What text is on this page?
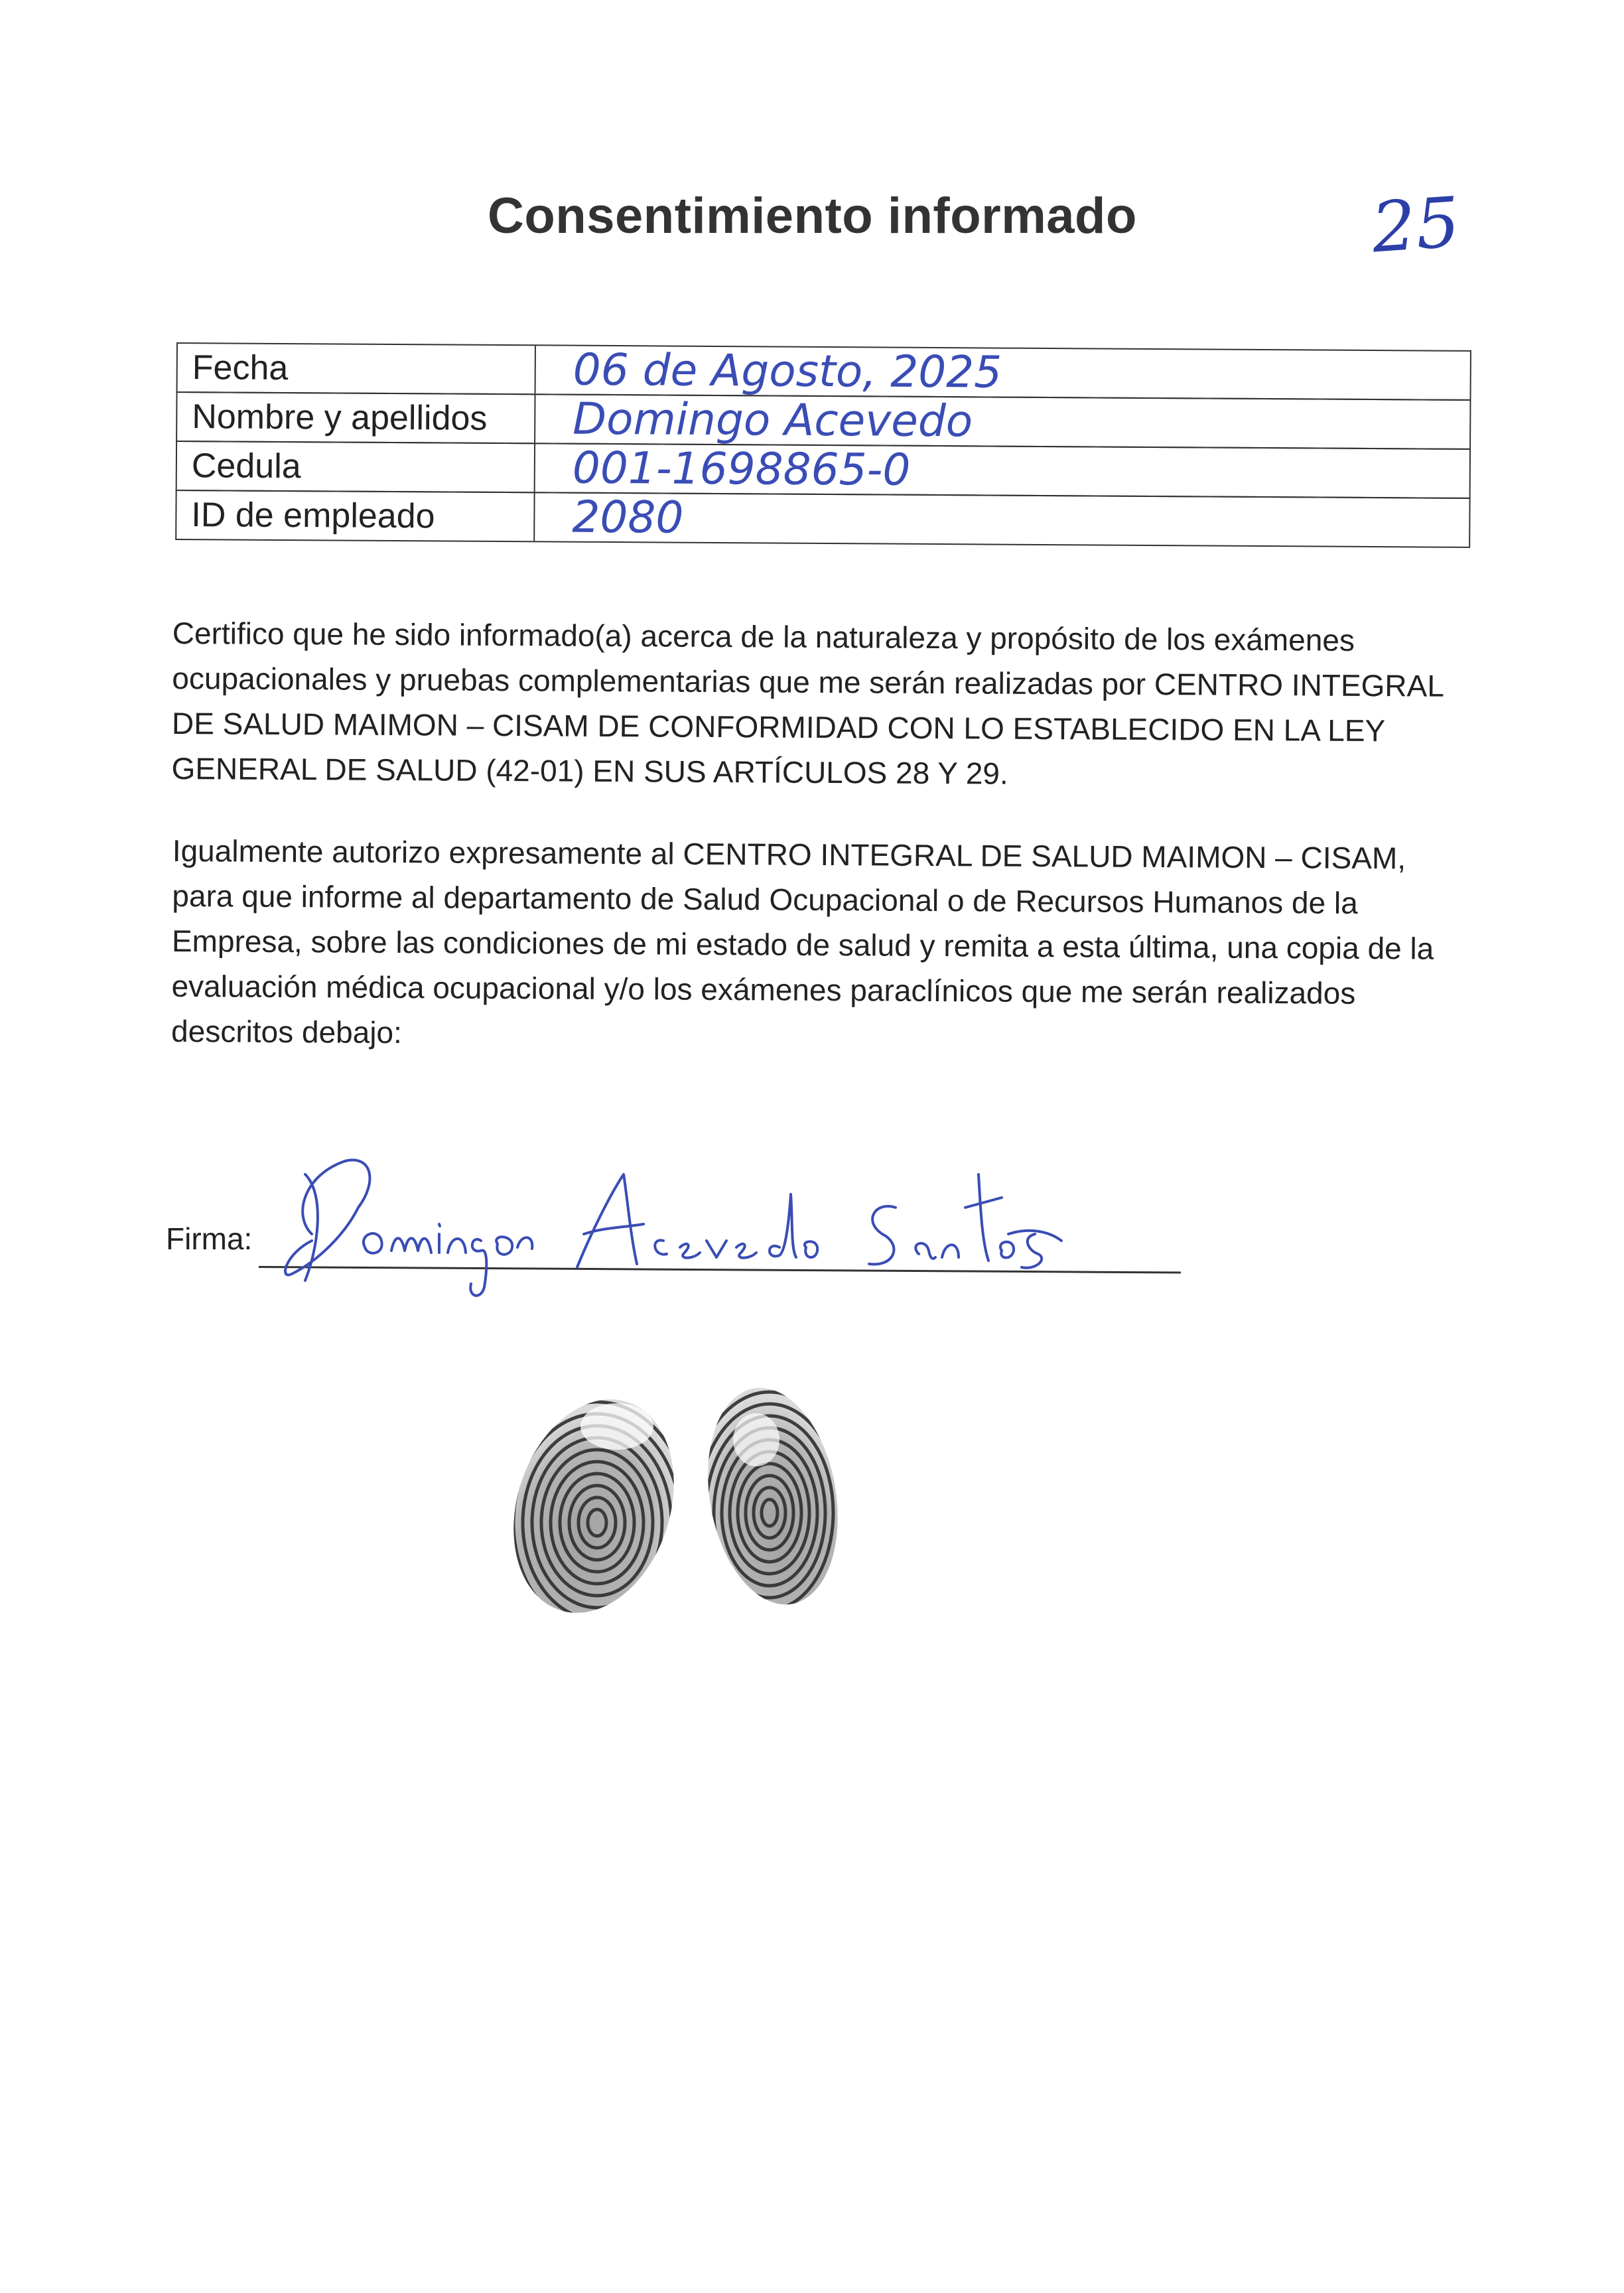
Consentimiento informado	25
Fecha	06 de Agosto, 2025
Nombre y apellidos	Domingo Acevedo
Cedula	001-1698865-0
ID de empleado	2080
Certifico que he sido informado(a) acerca de la naturaleza y propósito de los exámenes ocupacionales y pruebas complementarias que me serán realizadas por CENTRO INTEGRAL DE SALUD MAIMON – CISAM DE CONFORMIDAD CON LO ESTABLECIDO EN LA LEY GENERAL DE SALUD (42-01) EN SUS ARTÍCULOS 28 Y 29.
Igualmente autorizo expresamente al CENTRO INTEGRAL DE SALUD MAIMON – CISAM, para que informe al departamento de Salud Ocupacional o de Recursos Humanos de la Empresa, sobre las condiciones de mi estado de salud y remita a esta última, una copia de la evaluación médica ocupacional y/o los exámenes paraclínicos que me serán realizados descritos debajo:
Firma:
